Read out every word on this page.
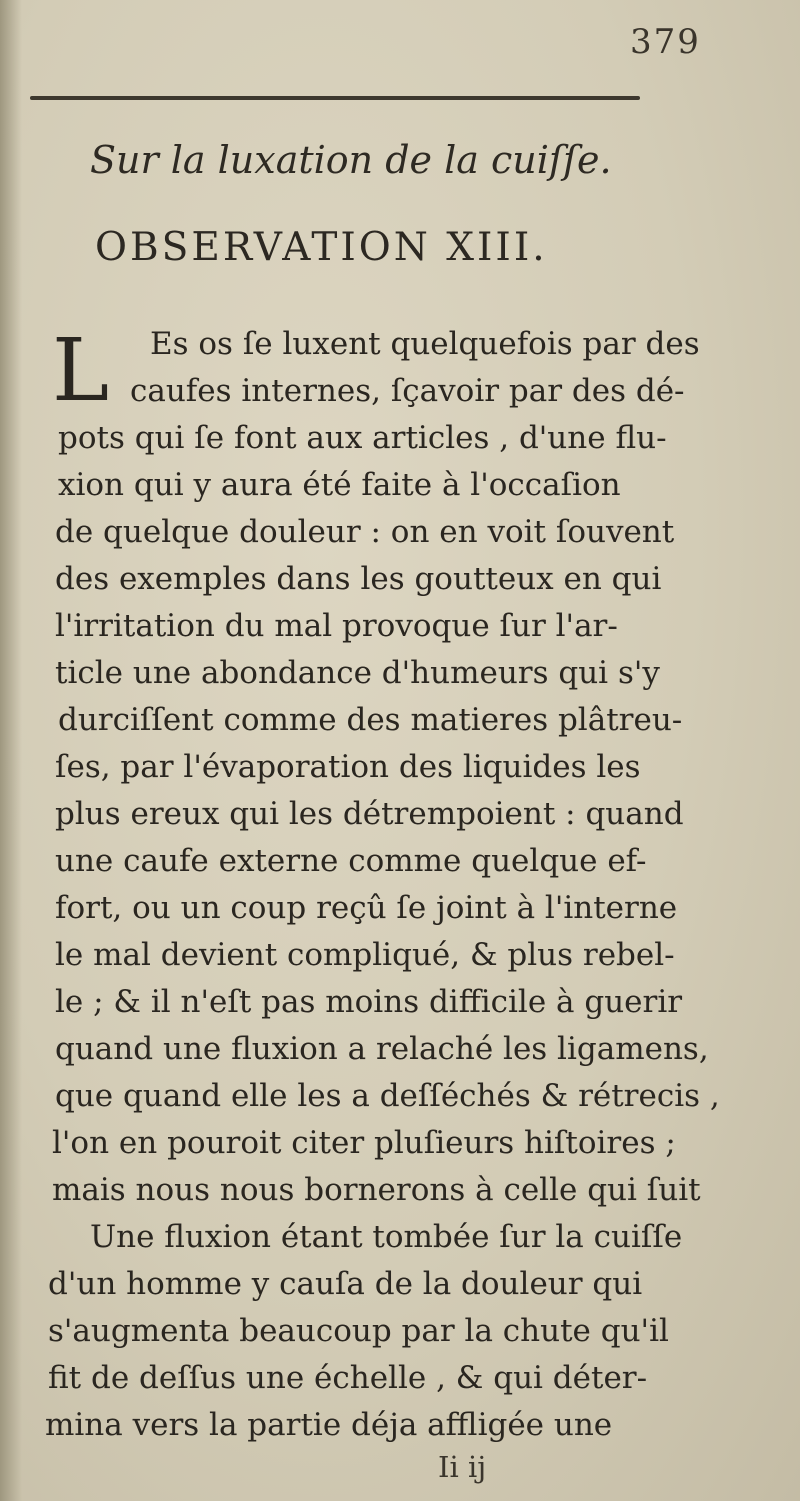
379
Sur la luxation de la cuiſſe.
OBSERVATION XIII.
L Es os ſe luxent quelquefois par des
caufes internes, ſçavoir par des dé-
pots qui ſe font aux articles , d'une flu-
xion qui y aura été faite à l'occaſion
de quelque douleur : on en voit ſouvent
des exemples dans les goutteux en qui
l'irritation du mal provoque ſur l'ar-
ticle une abondance d'humeurs qui s'y
durciſſent comme des matieres plâtreu-
ſes, par l'évaporation des liquides les
plus ereux qui les détrempoient : quand
une caufe externe comme quelque ef-
fort, ou un coup reçû ſe joint à l'interne
le mal devient compliqué, & plus rebel-
le ; & il n'eſt pas moins difficile à guerir
quand une fluxion a relaché les ligamens,
que quand elle les a deſſéchés & rétrecis ,
l'on en pouroit citer pluſieurs hiſtoires ;
mais nous nous bornerons à celle qui ſuit
Une fluxion étant tombée ſur la cuiſſe
d'un homme y cauſa de la douleur qui
s'augmenta beaucoup par la chute qu'il
fit de deſſus une échelle , & qui déter-
mina vers la partie déja affligée une
Ii ij
